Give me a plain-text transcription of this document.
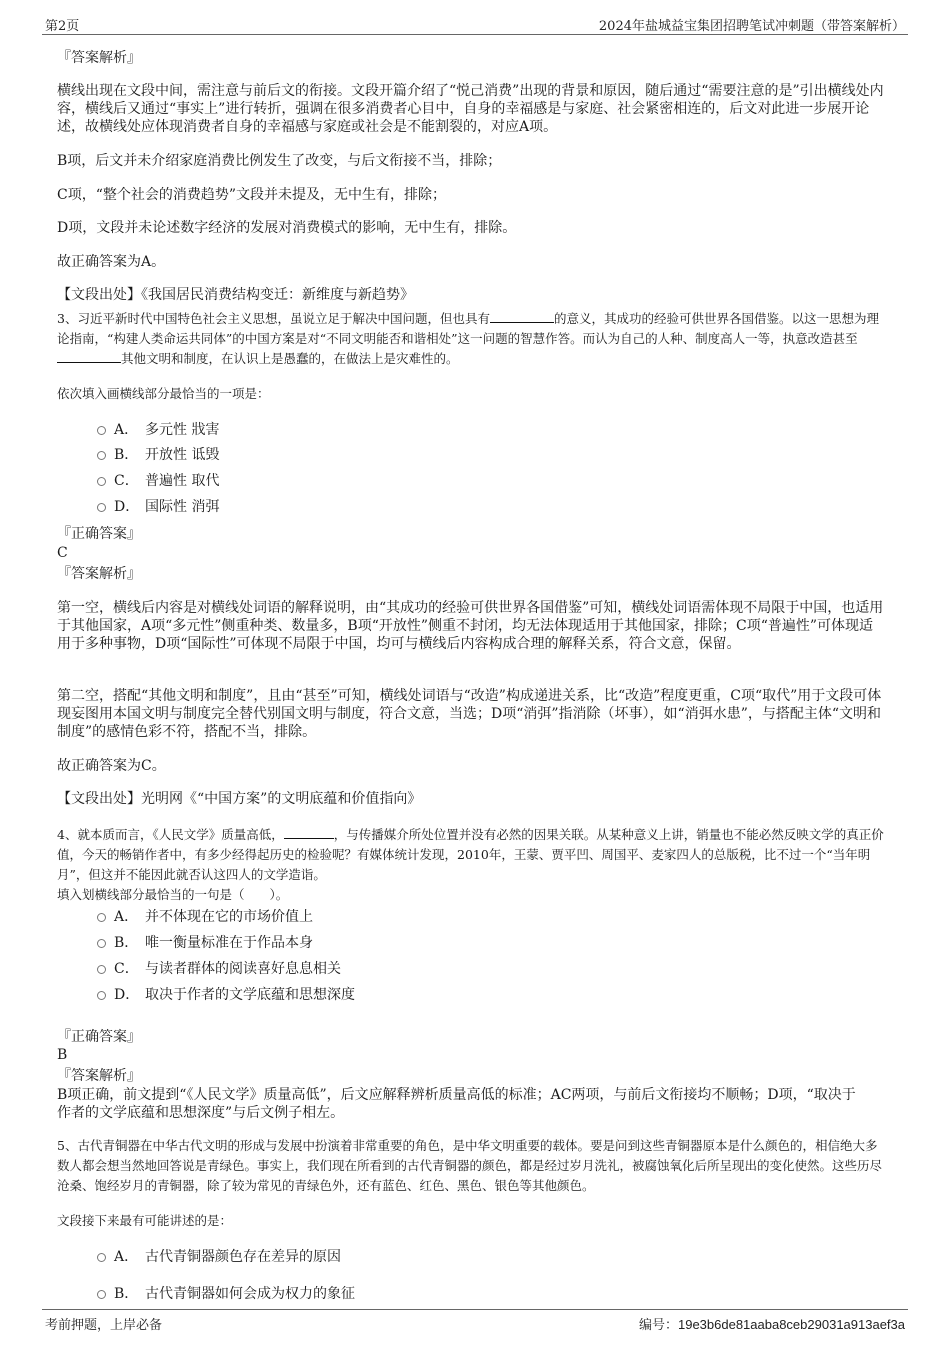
第2页	2024年盐城益宝集团招聘笔试冲刺题（带答案解析）
『答案解析』
横线出现在文段中间，需注意与前后文的衔接。文段开篇介绍了“悦己消费”出现的背景和原因，随后通过“需要注意的是”引出横线处内容，横线后又通过“事实上”进行转折，强调在很多消费者心目中，自身的幸福感是与家庭、社会紧密相连的，后文对此进一步展开论述，故横线处应体现消费者自身的幸福感与家庭或社会是不能割裂的，对应A项。
B项，后文并未介绍家庭消费比例发生了改变，与后文衔接不当，排除；
C项，“整个社会的消费趋势”文段并未提及，无中生有，排除；
D项，文段并未论述数字经济的发展对消费模式的影响，无中生有，排除。
故正确答案为A。
【文段出处】《我国居民消费结构变迁：新维度与新趋势》
3、习近平新时代中国特色社会主义思想，虽说立足于解决中国问题，但也具有	的意义，其成功的经验可供世界各国借鉴。以这一思想为理论指南，“构建人类命运共同体”的中国方案是对“不同文明能否和谐相处”这一问题的智慧作答。而认为自己的人种、制度高人一等，执意改造甚至其他文明和制度，在认识上是愚蠢的，在做法上是灾难性的。
依次填入画横线部分最恰当的一项是：
A． 多元性 戕害
B． 开放性 诋毁
C． 普遍性 取代
D． 国际性 消弭
『正确答案』
C
『答案解析』
第一空，横线后内容是对横线处词语的解释说明，由“其成功的经验可供世界各国借鉴”可知，横线处词语需体现不局限于中国，也适用于其他国家，A项“多元性”侧重种类、数量多，B项“开放性”侧重不封闭，均无法体现适用于其他国家，排除；C项“普遍性”可体现适用于多种事物，D项“国际性”可体现不局限于中国，均可与横线后内容构成合理的解释关系，符合文意，保留。
第二空，搭配“其他文明和制度”，且由“甚至”可知，横线处词语与“改造”构成递进关系，比“改造”程度更重，C项“取代”用于文段可体现妄图用本国文明与制度完全替代别国文明与制度，符合文意，当选；D项“消弭”指消除（坏事），如“消弭水患”，与搭配主体“文明和制度”的感情色彩不符，搭配不当，排除。
故正确答案为C。
【文段出处】光明网《“中国方案”的文明底蕴和价值指向》
4、就本质而言，《人民文学》质量高低，	，与传播媒介所处位置并没有必然的因果关联。从某种意义上讲，销量也不能必然反映文学的真正价值，今天的畅销作者中，有多少经得起历史的检验呢？有媒体统计发现，2010年，王蒙、贾平凹、周国平、麦家四人的总版税，比不过一个“当年明月”，但这并不能因此就否认这四人的文学造诣。
填入划横线部分最恰当的一句是（　　）。
A． 并不体现在它的市场价值上
B． 唯一衡量标准在于作品本身
C． 与读者群体的阅读喜好息息相关
D． 取决于作者的文学底蕴和思想深度
『正确答案』
B
『答案解析』
B项正确，前文提到“《人民文学》质量高低”，后文应解释辨析质量高低的标准；AC两项，与前后文衔接均不顺畅；D项，“取决于作者的文学底蕴和思想深度”与后文例子相左。
5、古代青铜器在中华古代文明的形成与发展中扮演着非常重要的角色，是中华文明重要的载体。要是问到这些青铜器原本是什么颜色的，相信绝大多数人都会想当然地回答说是青绿色。事实上，我们现在所看到的古代青铜器的颜色，都是经过岁月洗礼，被腐蚀氧化后所呈现出的变化使然。这些历尽沧桑、饱经岁月的青铜器，除了较为常见的青绿色外，还有蓝色、红色、黑色、银色等其他颜色。
文段接下来最有可能讲述的是：
A． 古代青铜器颜色存在差异的原因
B． 古代青铜器如何会成为权力的象征
考前押题，上岸必备	编号：19e3b6de81aaba8ceb29031a913aef3a
